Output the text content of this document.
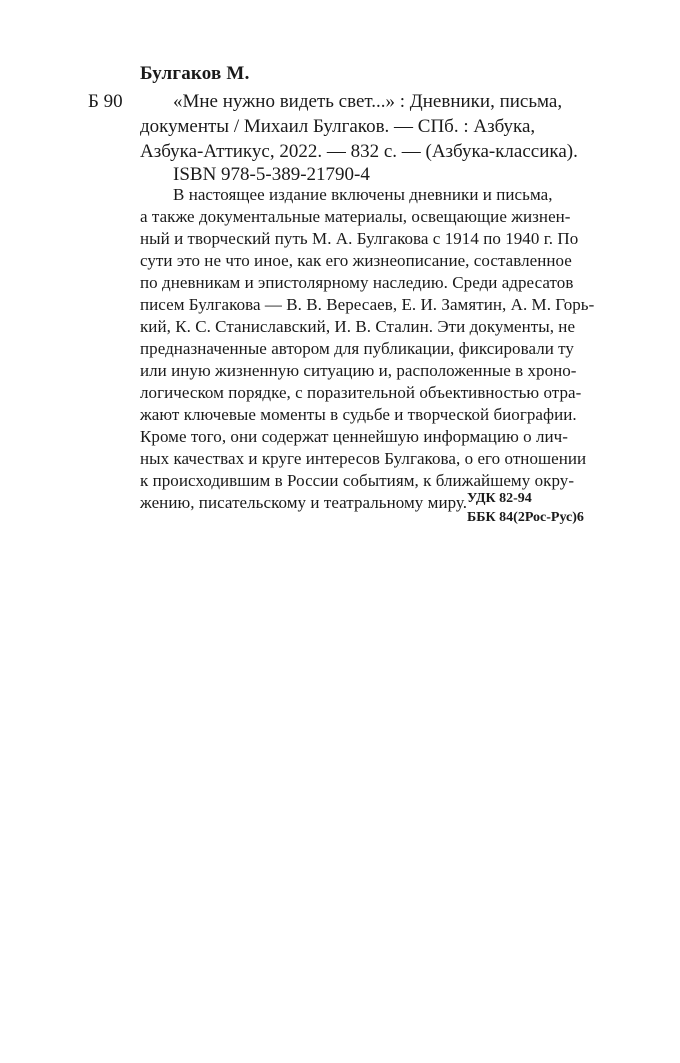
Булгаков М.
Б 90	«Мне нужно видеть свет...» : Дневники, письма,
документы / Михаил Булгаков. — СПб. : Азбука,
Азбука-Аттикус, 2022. — 832 с. — (Азбука-классика).
ISBN 978-5-389-21790-4
В настоящее издание включены дневники и письма,
а также документальные материалы, освещающие жизнен-
ный и творческий путь М. А. Булгакова с 1914 по 1940 г. По
сути это не что иное, как его жизнеописание, составленное
по дневникам и эпистолярному наследию. Среди адресатов
писем Булгакова — В. В. Вересаев, Е. И. Замятин, А. М. Горь-
кий, К. С. Станиславский, И. В. Сталин. Эти документы, не
предназначенные автором для публикации, фиксировали ту
или иную жизненную ситуацию и, расположенные в хроно-
логическом порядке, с поразительной объективностью отра-
жают ключевые моменты в судьбе и творческой биографии.
Кроме того, они содержат ценнейшую информацию о лич-
ных качествах и круге интересов Булгакова, о его отношении
к происходившим в России событиям, к ближайшему окру-
жению, писательскому и театральному миру. УДК 82-94
ББК 84(2Рос-Рус)6
